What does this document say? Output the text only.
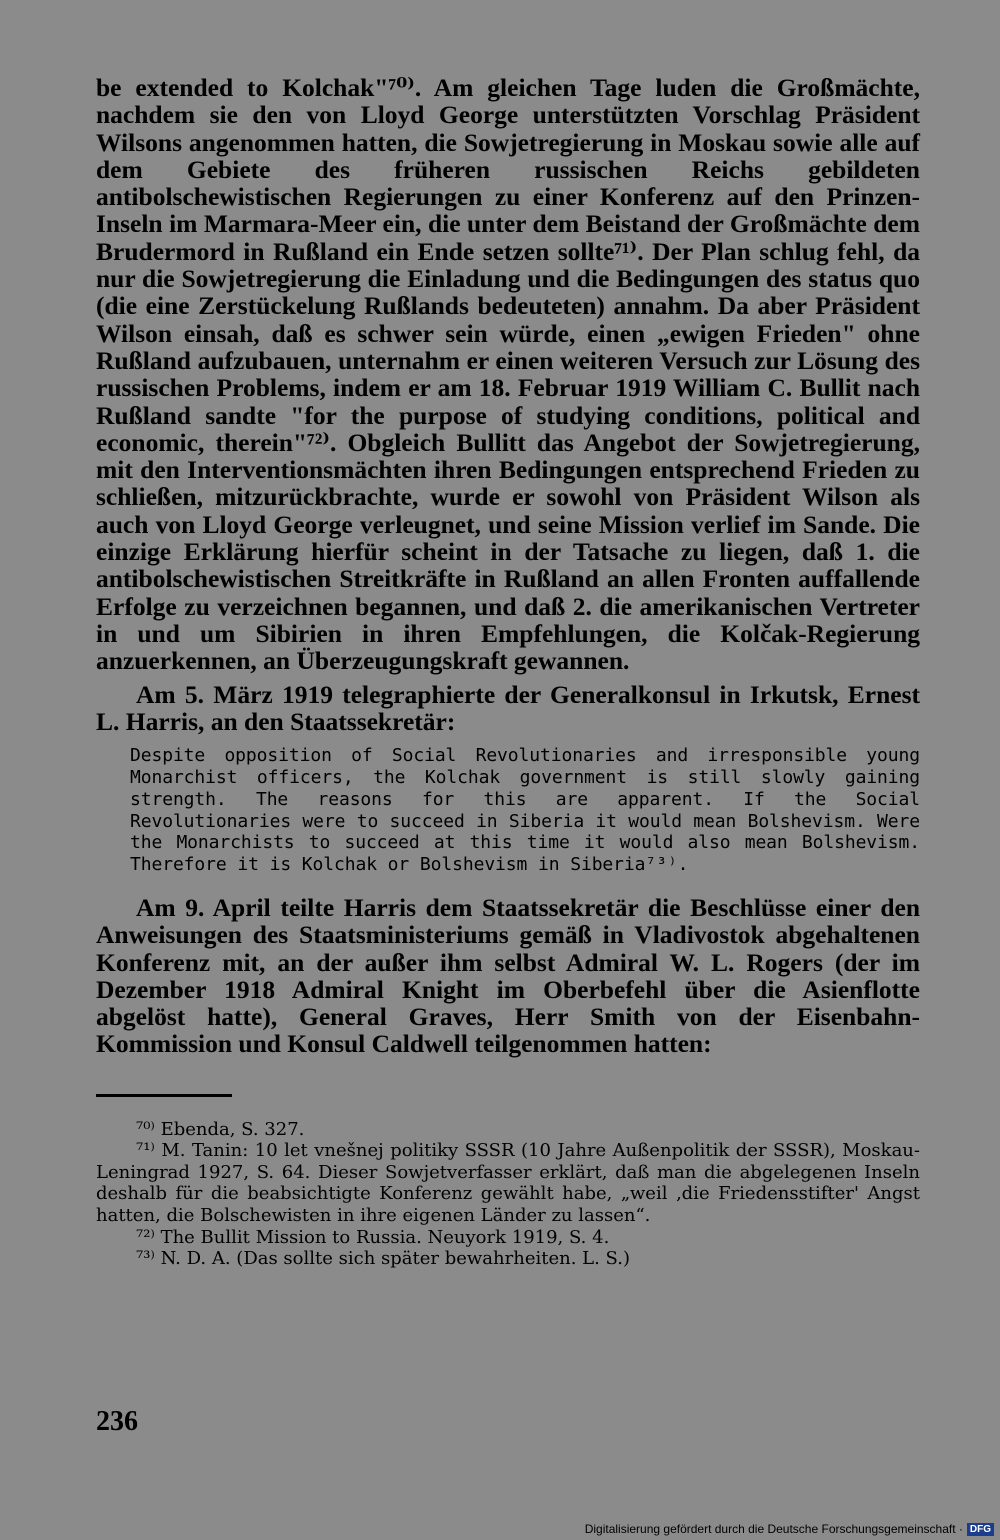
be extended to Kolchak"⁷⁰⁾. Am gleichen Tage luden die Großmächte, nachdem sie den von Lloyd George unterstützten Vorschlag Präsident Wilsons angenommen hatten, die Sowjetregierung in Moskau sowie alle auf dem Gebiete des früheren russischen Reichs gebildeten antibolschewistischen Regierungen zu einer Konferenz auf den Prinzen-Inseln im Marmara-Meer ein, die unter dem Beistand der Großmächte dem Brudermord in Rußland ein Ende setzen sollte⁷¹⁾. Der Plan schlug fehl, da nur die Sowjetregierung die Einladung und die Bedingungen des status quo (die eine Zerstückelung Rußlands bedeuteten) annahm. Da aber Präsident Wilson einsah, daß es schwer sein würde, einen „ewigen Frieden" ohne Rußland aufzubauen, unternahm er einen weiteren Versuch zur Lösung des russischen Problems, indem er am 18. Februar 1919 William C. Bullit nach Rußland sandte "for the purpose of studying conditions, political and economic, therein"⁷²⁾. Obgleich Bullitt das Angebot der Sowjetregierung, mit den Interventionsmächten ihren Bedingungen entsprechend Frieden zu schließen, mitzurückbrachte, wurde er sowohl von Präsident Wilson als auch von Lloyd George verleugnet, und seine Mission verlief im Sande. Die einzige Erklärung hierfür scheint in der Tatsache zu liegen, daß 1. die antibolschewistischen Streitkräfte in Rußland an allen Fronten auffallende Erfolge zu verzeichnen begannen, und daß 2. die amerikanischen Vertreter in und um Sibirien in ihren Empfehlungen, die Kolčak-Regierung anzuerkennen, an Überzeugungskraft gewannen.

Am 5. März 1919 telegraphierte der Generalkonsul in Irkutsk, Ernest L. Harris, an den Staatssekretär:

Despite opposition of Social Revolutionaries and irresponsible young Monarchist officers, the Kolchak government is still slowly gaining strength. The reasons for this are apparent. If the Social Revolutionaries were to succeed in Siberia it would mean Bolshevism. Were the Monarchists to succeed at this time it would also mean Bolshevism. Therefore it is Kolchak or Bolshevism in Siberia⁷³⁾.

Am 9. April teilte Harris dem Staatssekretär die Beschlüsse einer den Anweisungen des Staatsministeriums gemäß in Vladivostok abgehaltenen Konferenz mit, an der außer ihm selbst Admiral W. L. Rogers (der im Dezember 1918 Admiral Knight im Oberbefehl über die Asienflotte abgelöst hatte), General Graves, Herr Smith von der Eisenbahn-Kommission und Konsul Caldwell teilgenommen hatten:

⁷⁰⁾ Ebenda, S. 327.

⁷¹⁾ M. Tanin: 10 let vnešnej politiky SSSR (10 Jahre Außenpolitik der SSSR), Moskau-Leningrad 1927, S. 64. Dieser Sowjetverfasser erklärt, daß man die abgelegenen Inseln deshalb für die beabsichtigte Konferenz gewählt habe, „weil ‚die Friedensstifter' Angst hatten, die Bolschewisten in ihre eigenen Länder zu lassen“.

⁷²⁾ The Bullit Mission to Russia. Neuyork 1919, S. 4.

⁷³⁾ N. D. A. (Das sollte sich später bewahrheiten. L. S.)

236
Digitalisierung gefördert durch die Deutsche Forschungsgemeinschaft · DFG
